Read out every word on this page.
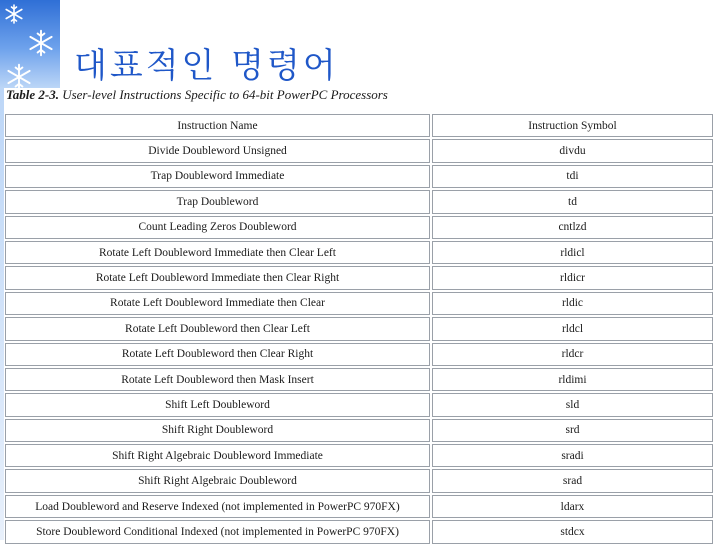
대표적인 명령어
Table 2-3. User-level Instructions Specific to 64-bit PowerPC Processors
Instruction Name	Instruction Symbol
Divide Doubleword Unsigned	divdu
Trap Doubleword Immediate	tdi
Trap Doubleword	td
Count Leading Zeros Doubleword	cntlzd
Rotate Left Doubleword Immediate then Clear Left	rldicl
Rotate Left Doubleword Immediate then Clear Right	rldicr
Rotate Left Doubleword Immediate then Clear	rldic
Rotate Left Doubleword then Clear Left	rldcl
Rotate Left Doubleword then Clear Right	rldcr
Rotate Left Doubleword then Mask Insert	rldimi
Shift Left Doubleword	sld
Shift Right Doubleword	srd
Shift Right Algebraic Doubleword Immediate	sradi
Shift Right Algebraic Doubleword	srad
Load Doubleword and Reserve Indexed (not implemented in PowerPC 970FX)	ldarx
Store Doubleword Conditional Indexed (not implemented in PowerPC 970FX)	stdcx
